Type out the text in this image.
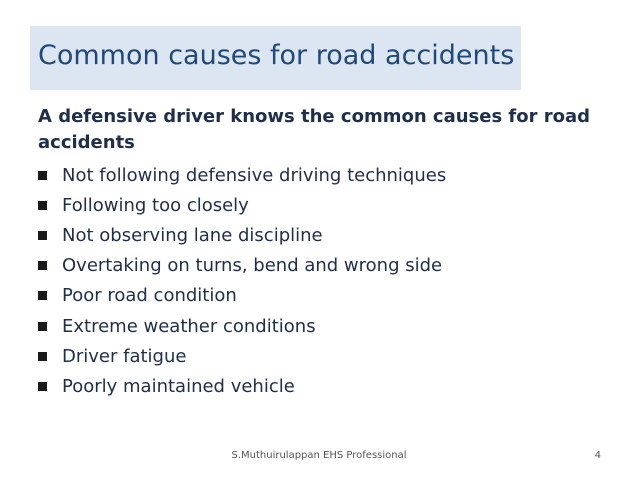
Common causes for road accidents

A defensive driver knows the common causes for road accidents

Not following defensive driving techniques
Following too closely
Not observing lane discipline
Overtaking on turns, bend and wrong side
Poor road condition
Extreme weather conditions
Driver fatigue
Poorly maintained vehicle
S.Muthuirulappan EHS Professional	4
